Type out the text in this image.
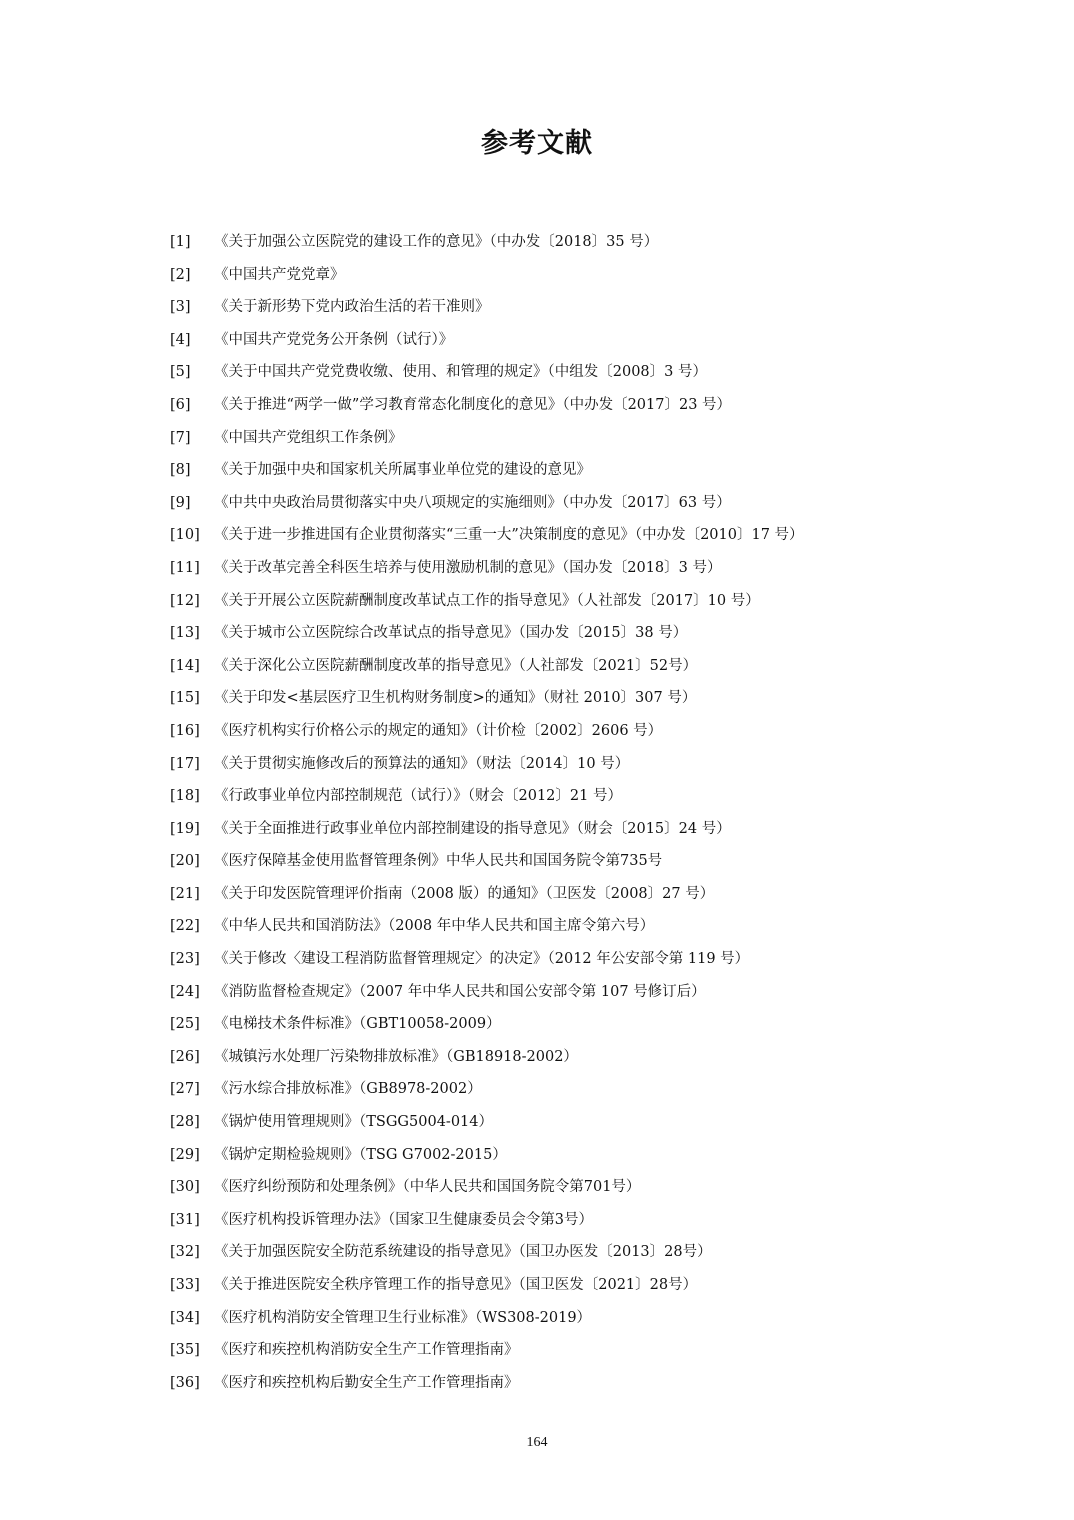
参考文献
[1]	《关于加强公立医院党的建设工作的意见》（中办发〔2018〕35 号）
[2]	《中国共产党党章》
[3]	《关于新形势下党内政治生活的若干准则》
[4]	《中国共产党党务公开条例（试行）》
[5]	《关于中国共产党党费收缴、使用、和管理的规定》（中组发〔2008〕3 号）
[6]	《关于推进“两学一做”学习教育常态化制度化的意见》（中办发〔2017〕23 号）
[7]	《中国共产党组织工作条例》
[8]	《关于加强中央和国家机关所属事业单位党的建设的意见》
[9]	《中共中央政治局贯彻落实中央八项规定的实施细则》（中办发〔2017〕63 号）
[10] 《关于进一步推进国有企业贯彻落实“三重一大”决策制度的意见》（中办发〔2010〕17 号）
[11] 《关于改革完善全科医生培养与使用激励机制的意见》（国办发〔2018〕3 号）
[12] 《关于开展公立医院薪酬制度改革试点工作的指导意见》（人社部发〔2017〕10 号）
[13] 《关于城市公立医院综合改革试点的指导意见》（国办发〔2015〕38 号）
[14] 《关于深化公立医院薪酬制度改革的指导意见》（人社部发〔2021〕52号）
[15] 《关于印发<基层医疗卫生机构财务制度>的通知》（财社 2010〕307 号）
[16] 《医疗机构实行价格公示的规定的通知》（计价检〔2002〕2606 号）
[17] 《关于贯彻实施修改后的预算法的通知》（财法〔2014〕10 号）
[18] 《行政事业单位内部控制规范（试行）》（财会〔2012〕21 号）
[19] 《关于全面推进行政事业单位内部控制建设的指导意见》（财会〔2015〕24 号）
[20] 《医疗保障基金使用监督管理条例》中华人民共和国国务院令第735号
[21] 《关于印发医院管理评价指南（2008 版）的通知》（卫医发〔2008〕27 号）
[22] 《中华人民共和国消防法》（2008 年中华人民共和国主席令第六号）
[23] 《关于修改〈建设工程消防监督管理规定〉的决定》（2012 年公安部令第 119 号）
[24] 《消防监督检查规定》（2007 年中华人民共和国公安部令第 107 号修订后）
[25] 《电梯技术条件标准》（GBT10058-2009）
[26] 《城镇污水处理厂污染物排放标准》（GB18918-2002）
[27] 《污水综合排放标准》（GB8978-2002）
[28] 《锅炉使用管理规则》（TSGG5004-014）
[29] 《锅炉定期检验规则》（TSG G7002-2015）
[30] 《医疗纠纷预防和处理条例》（中华人民共和国国务院令第701号）
[31] 《医疗机构投诉管理办法》（国家卫生健康委员会令第3号）
[32] 《关于加强医院安全防范系统建设的指导意见》（国卫办医发〔2013〕28号）
[33] 《关于推进医院安全秩序管理工作的指导意见》（国卫医发〔2021〕28号）
[34] 《医疗机构消防安全管理卫生行业标准》（WS308-2019）
[35] 《医疗和疾控机构消防安全生产工作管理指南》
[36] 《医疗和疾控机构后勤安全生产工作管理指南》
164
